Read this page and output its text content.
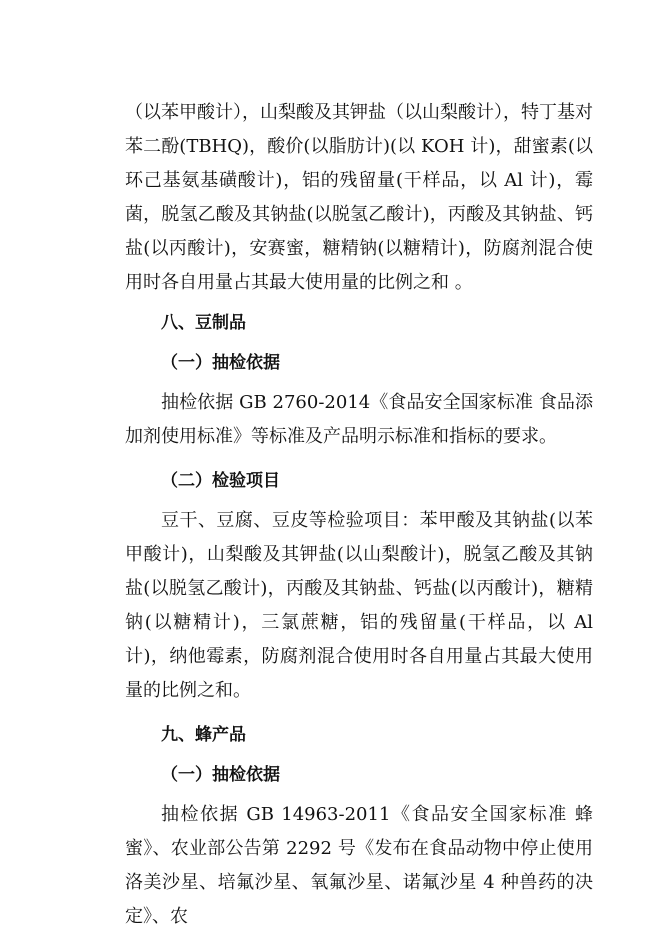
（以苯甲酸计），山梨酸及其钾盐（以山梨酸计），特丁基对苯二酚(TBHQ)，酸价(以脂肪计)(以 KOH 计)，甜蜜素(以环己基氨基磺酸计)，铝的残留量(干样品，以 Al 计)，霉菌，脱氢乙酸及其钠盐(以脱氢乙酸计)，丙酸及其钠盐、钙盐(以丙酸计)，安赛蜜，糖精钠(以糖精计)，防腐剂混合使用时各自用量占其最大使用量的比例之和 。

八、豆制品

（一）抽检依据

抽检依据 GB 2760-2014《食品安全国家标准 食品添加剂使用标准》等标准及产品明示标准和指标的要求。

（二）检验项目

豆干、豆腐、豆皮等检验项目：苯甲酸及其钠盐(以苯甲酸计)，山梨酸及其钾盐(以山梨酸计)，脱氢乙酸及其钠盐(以脱氢乙酸计)，丙酸及其钠盐、钙盐(以丙酸计)，糖精钠(以糖精计)，三氯蔗糖，铝的残留量(干样品，以 Al 计)，纳他霉素，防腐剂混合使用时各自用量占其最大使用量的比例之和。

九、蜂产品

（一）抽检依据

抽检依据 GB 14963-2011《食品安全国家标准 蜂蜜》、农业部公告第 2292 号《发布在食品动物中停止使用洛美沙星、培氟沙星、氧氟沙星、诺氟沙星 4 种兽药的决定》、农
